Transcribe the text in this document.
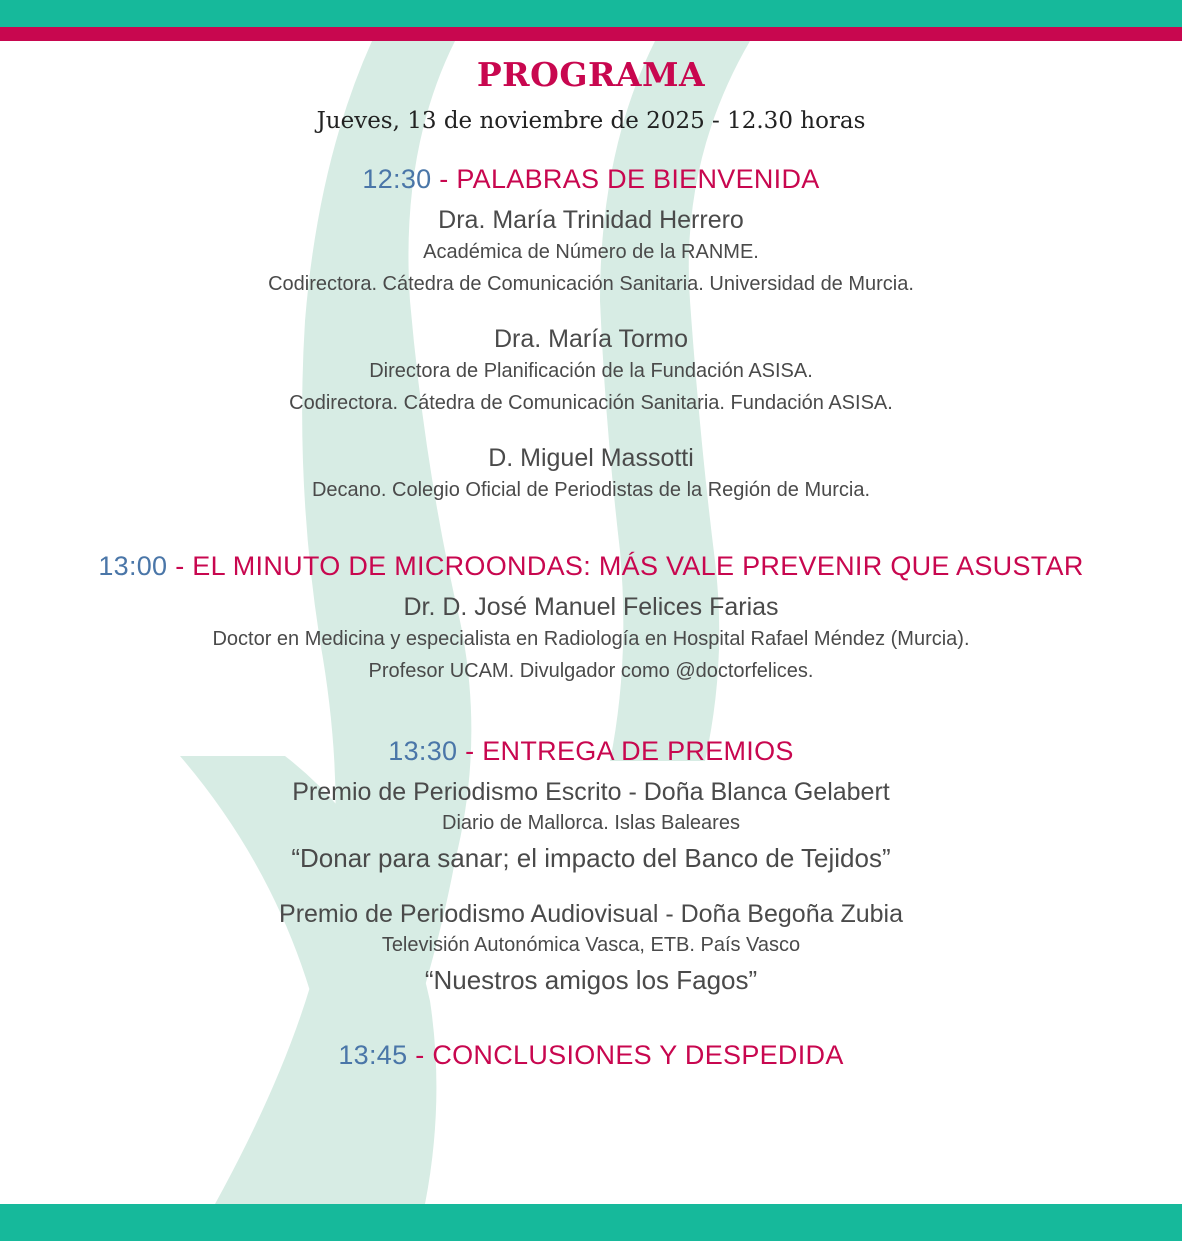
PROGRAMA
Jueves, 13 de noviembre de 2025 - 12.30 horas
12:30 - PALABRAS DE BIENVENIDA
Dra. María Trinidad Herrero
Académica de Número de la RANME.
Codirectora. Cátedra de Comunicación Sanitaria. Universidad de Murcia.
Dra. María Tormo
Directora de Planificación de la Fundación ASISA.
Codirectora. Cátedra de Comunicación Sanitaria. Fundación ASISA.
D. Miguel Massotti
Decano. Colegio Oficial de Periodistas de la Región de Murcia.
13:00 - EL MINUTO DE MICROONDAS: MÁS VALE PREVENIR QUE ASUSTAR
Dr. D. José Manuel Felices Farias
Doctor en Medicina y especialista en Radiología en Hospital Rafael Méndez (Murcia).
Profesor UCAM. Divulgador como @doctorfelices.
13:30 - ENTREGA DE PREMIOS
Premio de Periodismo Escrito - Doña Blanca Gelabert
Diario de Mallorca. Islas Baleares
“Donar para sanar; el impacto del Banco de Tejidos”
Premio de Periodismo Audiovisual - Doña Begoña Zubia
Televisión Autonómica Vasca, ETB. País Vasco
“Nuestros amigos los Fagos”
13:45 - CONCLUSIONES Y DESPEDIDA
